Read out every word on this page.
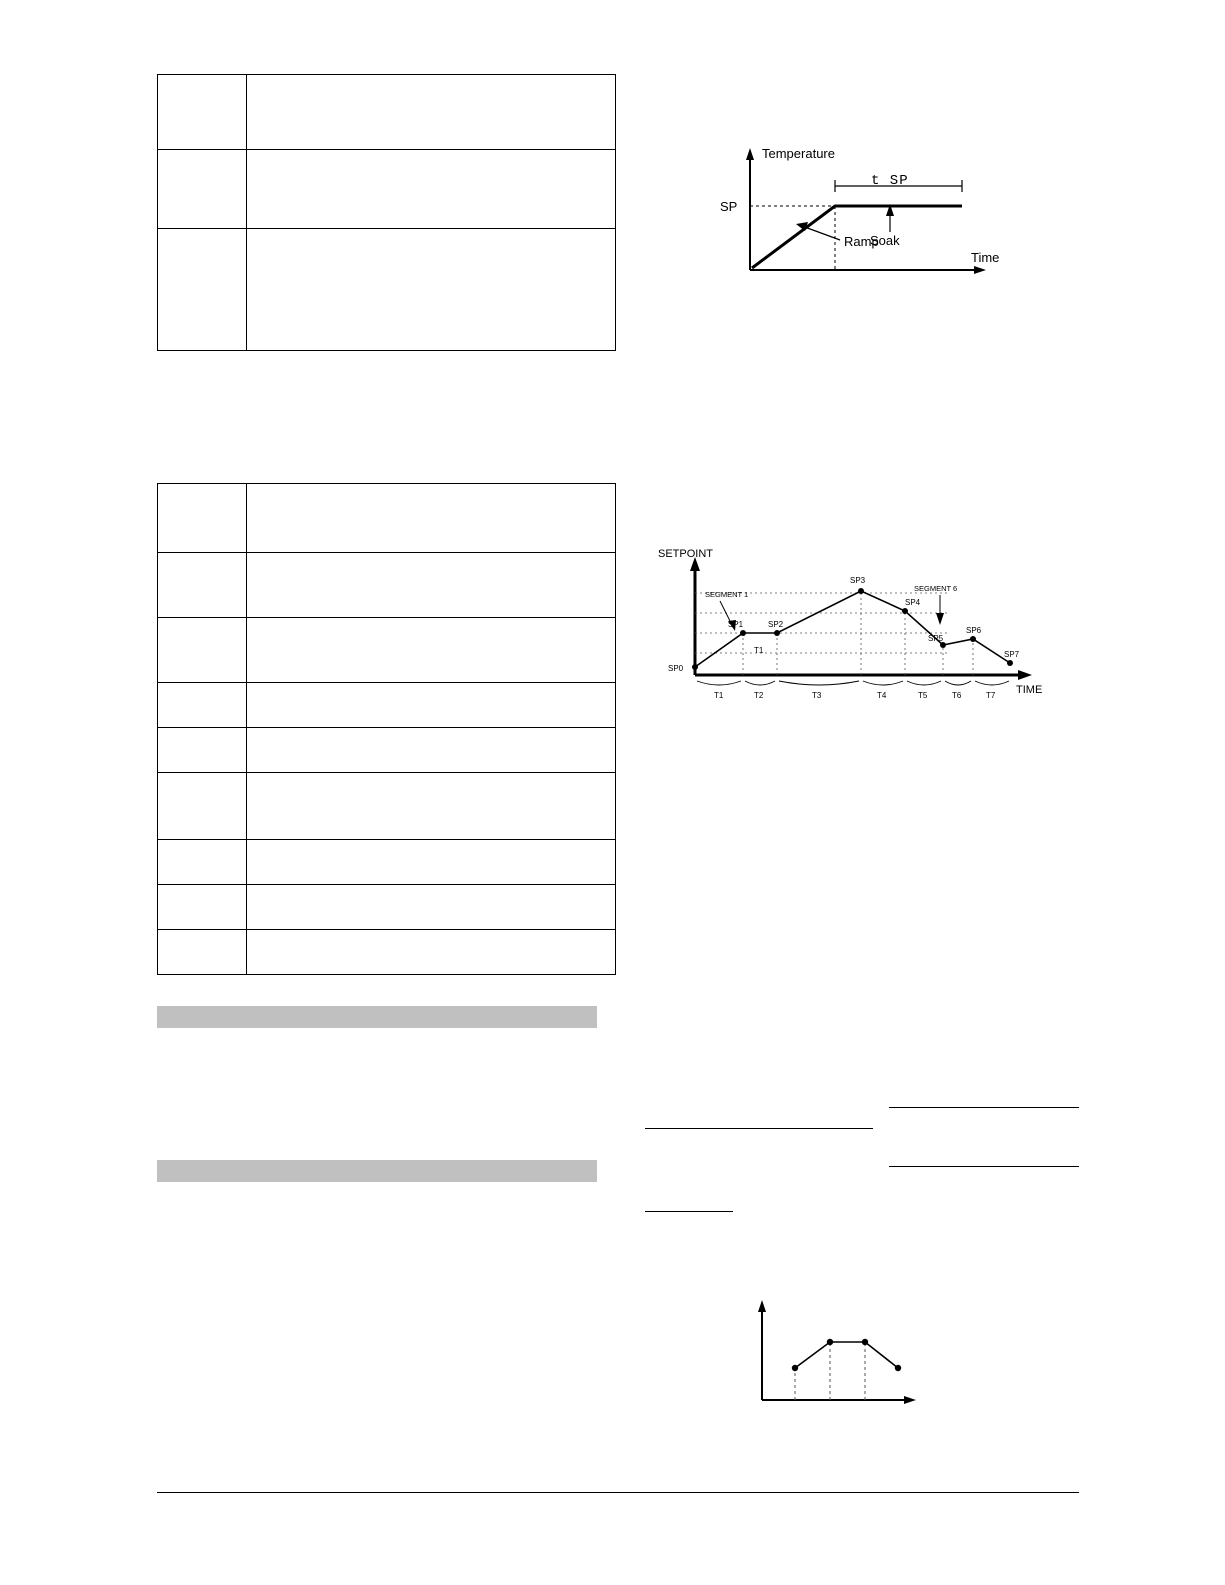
Temperature
Time
SP
t SP
Ramp
Soak
SETPOINT
TIME
SP0
SP1	SP2
SP3
SP4
SP5
SP6
SP7
SEGMENT 1
SEGMENT 6
T1
T1	T2	T3	T4	T5	T6	T7
